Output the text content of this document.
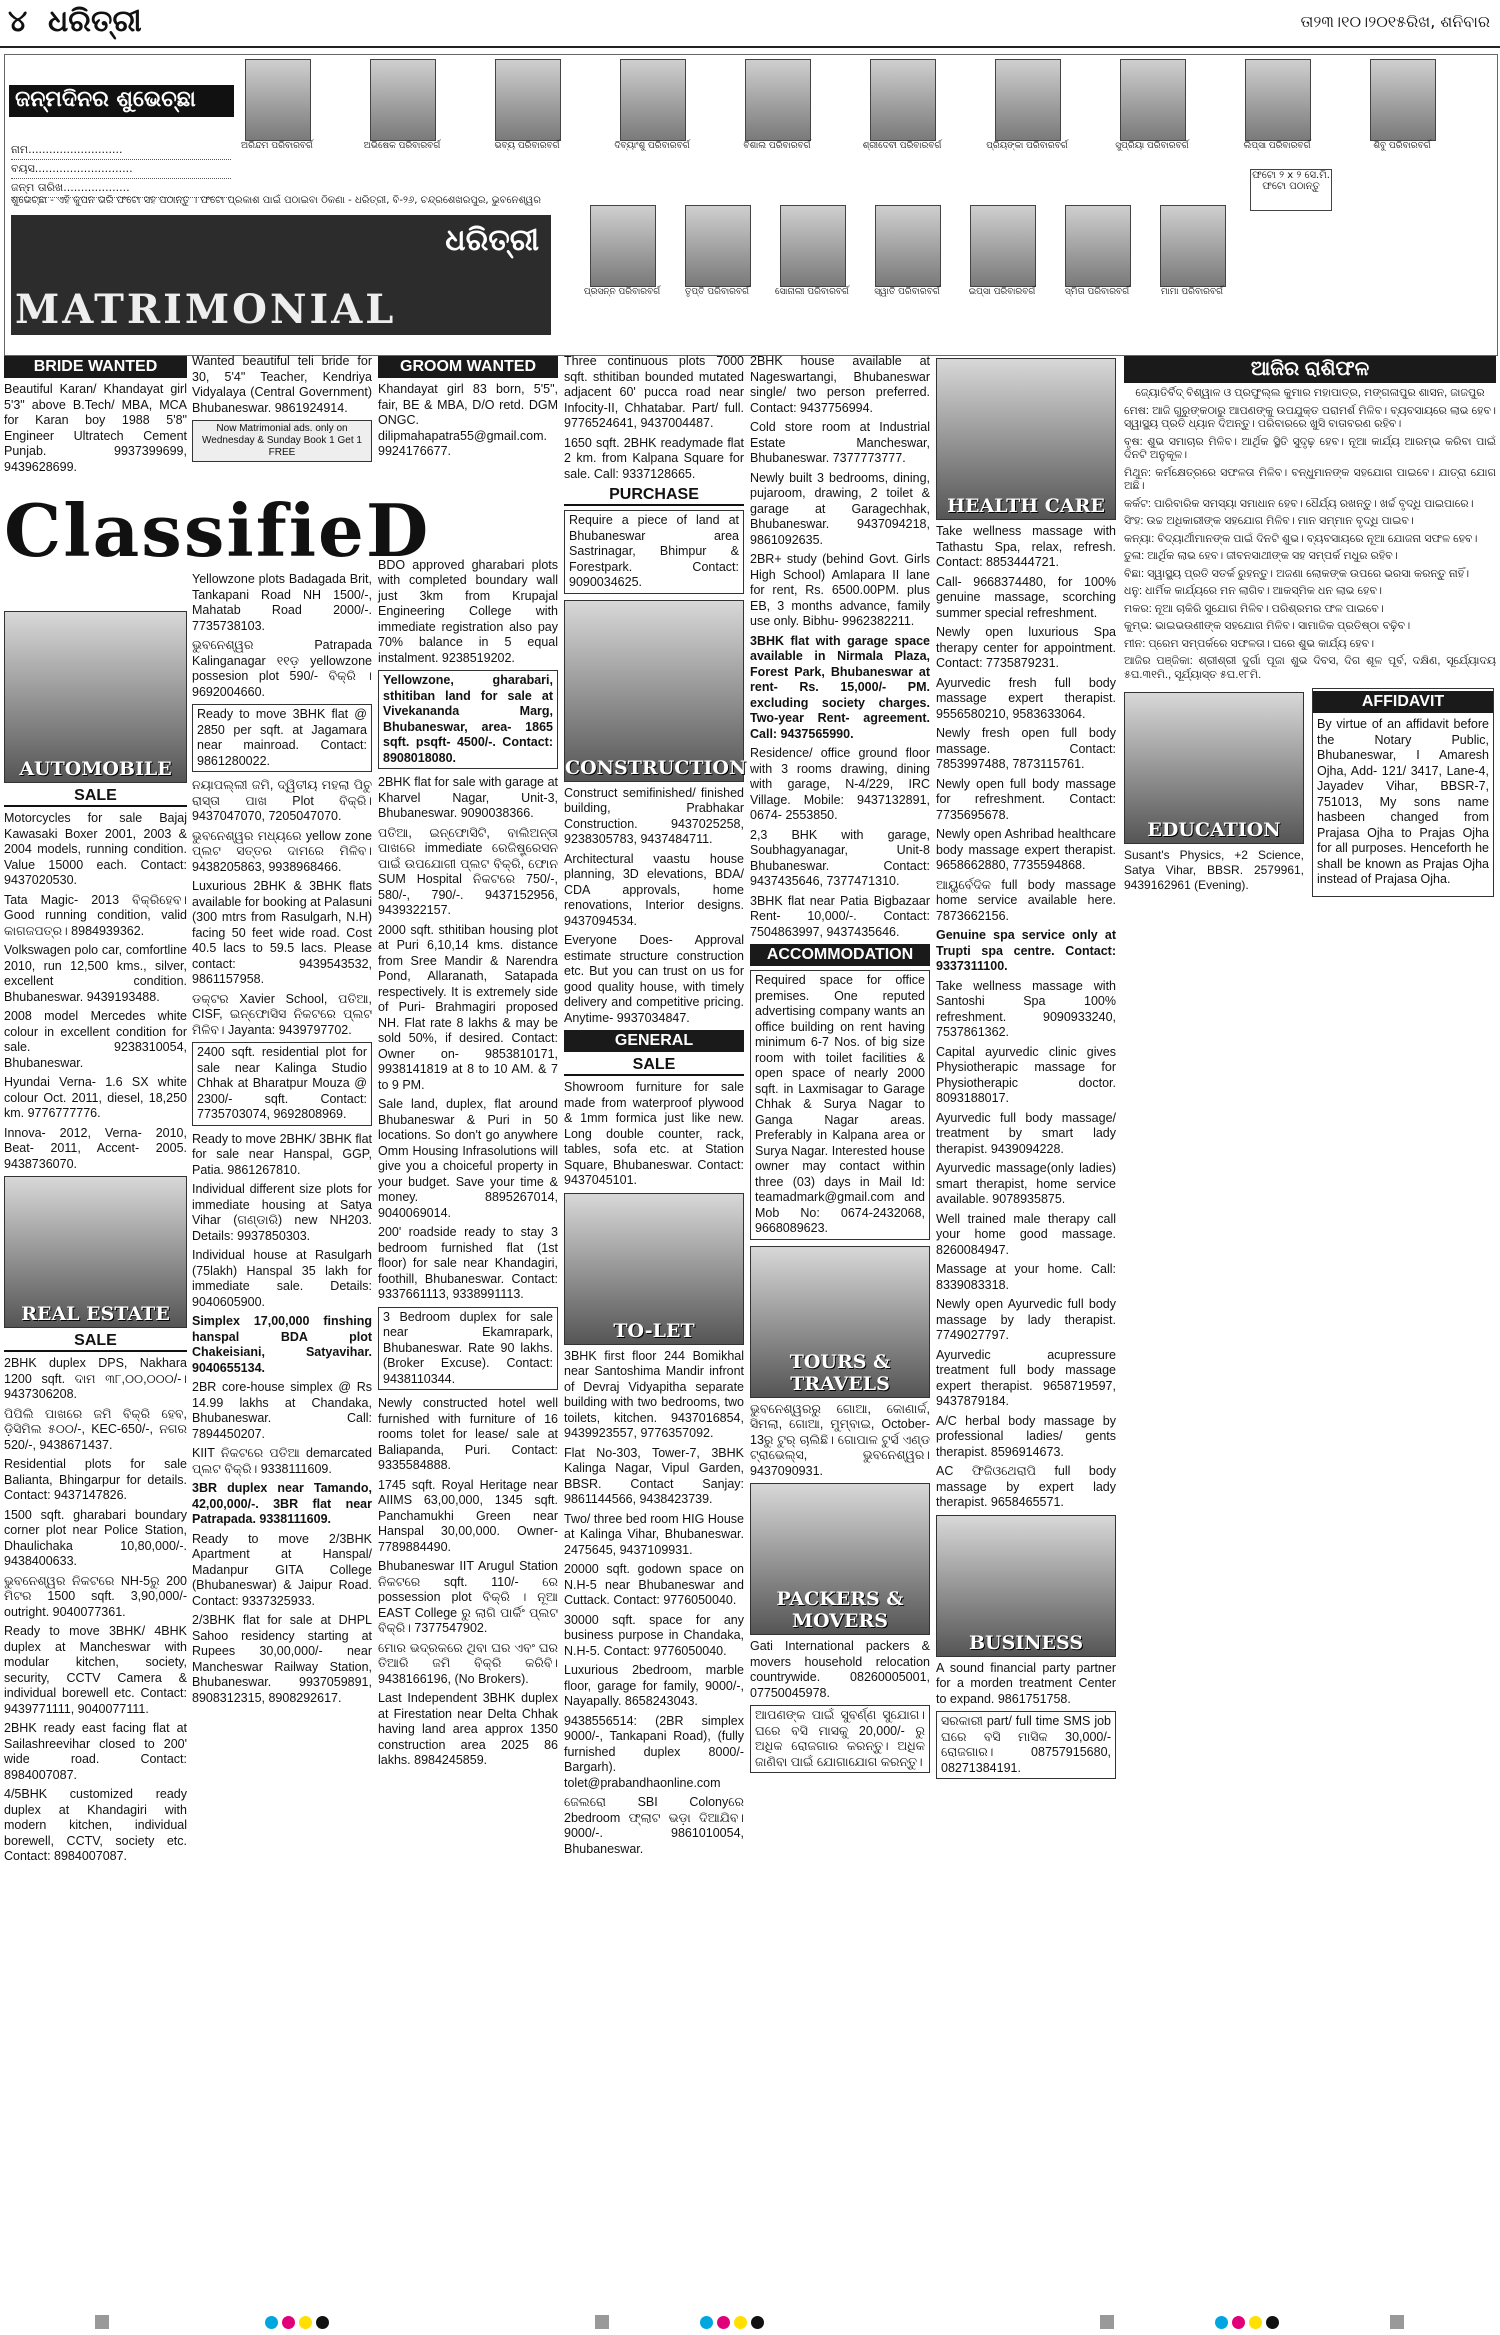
୪ ଧରିତ୍ରୀ	ତା୨୩।୧୦।୨୦୧୫ରିଖ, ଶନିବାର
ଜନ୍ମଦିନର ଶୁଭେଚ୍ଛା
ନାମ...........................
ବୟସ............................
ଜନ୍ମ ତାରିଖ...................
ଅରିନ୍ଦମ ପରିବାରବର୍ଗ	ଅଭିଷେକ ପରିବାରବର୍ଗ	ଭବ୍ୟ ପରିବାରବର୍ଗ	ଦିବ୍ୟାଂଶୁ ପରିବାରବର୍ଗ	ବିଶାଲ ପରିବାରବର୍ଗ	ଶ୍ରୀଦେବୀ ପରିବାରବର୍ଗ	ପ୍ରିୟଙ୍କା ପରିବାରବର୍ଗ	ସୁପ୍ରିୟା ପରିବାରବର୍ଗ	ଲିପ୍ସା ପରିବାରବର୍ଗ	ଶିବୁ ପରିବାରବର୍ଗ
ଶୁଭେଚ୍ଛା - ଏହି କୁପନ ଭରି ଫଟୋ ସହ ପଠାନ୍ତୁ । ଫଟୋ ପ୍ରକାଶ ପାଇଁ ପଠାଇବା ଠିକଣା - ଧରିତ୍ରୀ, ବି-୨୬, ଚନ୍ଦ୍ରଶେଖରପୁର, ଭୁବନେଶ୍ୱର
ଧରିତ୍ରୀ
MATRIMONIAL	ପ୍ରସନ୍ନ ପରିବାରବର୍ଗ	ତୃପ୍ତି ପରିବାରବର୍ଗ	ସୋନାଲୀ ପରିବାରବର୍ଗ	ସ୍ୱାତି ପରିବାରବର୍ଗ	ଇପ୍ସା ପରିବାରବର୍ଗ	ସ୍ମିତା ପରିବାରବର୍ଗ	ମାମା ପରିବାରବର୍ଗ
ଫଟୋ ୨ x ୨ ସେ.ମି. ଫଟୋ ପଠାନ୍ତୁ
BRIDE WANTED

Beautiful Karan/ Khandayat girl 5'3" above B.Tech/ MBA, MCA for Karan boy 1988 5'8" Engineer Ultratech Cement Punjab. 9937399699, 9439628699.

ClassifieD
AUTOMOBILE
SALE

Motorcycles for sale Bajaj Kawasaki Boxer 2001, 2003 & 2004 models, running condition. Value 15000 each. Contact: 9437020530.

Tata Magic- 2013 ବିକ୍ରିହେବ। Good running condition, valid କାଗଜପତ୍ର। 8984939362.

Volkswagen polo car, comfortline 2010, run 12,500 kms., silver, excellent condition. Bhubaneswar. 9439193488.

2008 model Mercedes white colour in excellent condition for sale. 9238310054, Bhubaneswar.

Hyundai Verna- 1.6 SX white colour Oct. 2011, diesel, 18,250 km. 9776777776.

Innova- 2012, Verna- 2010, Beat- 2011, Accent- 2005. 9438736070.

REAL ESTATE
SALE

2BHK duplex DPS, Nakhara 1200 sqft. ଦାମ ୩୮,୦୦,୦୦୦/-। 9437306208.

ପିପିଲି ପାଖରେ ଜମି ବିକ୍ରି ହେବ, ଡ଼ିସିମିଲ ୫୦୦/-, KEC-650/-, ନଗର 520/-, 9438671437.

Residential plots for sale Balianta, Bhingarpur for details. Contact: 9437147826.

1500 sqft. gharabari boundary corner plot near Police Station, Dhaulichaka 10,80,000/-. 9438400633.

ଭୁବନେଶ୍ୱର ନିକଟରେ NH-5ରୁ 200 ମିଟର 1500 sqft. 3,90,000/- outright. 9040077361.

Ready to move 3BHK/ 4BHK duplex at Mancheswar with modular kitchen, society, security, CCTV Camera & individual borewell etc. Contact: 9439771111, 9040077111.

2BHK ready east facing flat at Sailashreevihar closed to 200' wide road. Contact: 8984007087.

4/5BHK customized ready duplex at Khandagiri with modern kitchen, individual borewell, CCTV, society etc. Contact: 8984007087.

Wanted beautiful teli bride for 30, 5'4" Teacher, Kendriya Vidyalaya (Central Government) Bhubaneswar. 9861924914.

Now Matrimonial ads. only on Wednesday & Sunday Book 1 Get 1 FREE

Yellowzone plots Badagada Brit, Tankapani Road NH 1500/-, Mahatab Road 2000/-. 7735738103.

ଭୁବନେଶ୍ୱର Patrapada Kalinganagar ୧୧ଡ଼ yellowzone possesion plot 590/- ବିକ୍ରି । 9692004660.

Ready to move 3BHK flat @ 2850 per sqft. at Jagamara near mainroad. Contact: 9861280022.

ନୟାପଲ୍ଲୀ ଜମି, ଦ୍ୱିତୀୟ ମହଲା ପିଚୁ ରାସ୍ତା ପାଖ Plot ବିକ୍ରି। 9437047070, 7205047070.

ଭୁବନେଶ୍ୱର ମଧ୍ୟରେ yellow zone ପ୍ଲଟ ସତ୍ତର ଦାମରେ ମିଳିବ। 9438205863, 9938968466.

Luxurious 2BHK & 3BHK flats available for booking at Palasuni (300 mtrs from Rasulgarh, N.H) facing 50 feet wide road. Cost 40.5 lacs to 59.5 lacs. Please contact: 9439543532, 9861157958.

ଡକ୍ଟର Xavier School, ପତିଆ, CISF, ଇନ୍ଫୋସିସ ନିକଟରେ ପ୍ଲଟ ମିଳିବ। Jayanta: 9439797702.

2400 sqft. residential plot for sale near Kalinga Studio Chhak at Bharatpur Mouza @ 2300/- sqft. Contact: 7735703074, 9692808969.

Ready to move 2BHK/ 3BHK flat for sale near Hanspal, GGP, Patia. 9861267810.

Individual different size plots for immediate housing at Satya Vihar (ଗଣ୍ଡାରି) new NH203. Details: 9937850303.

Individual house at Rasulgarh (75lakh) Hanspal 35 lakh for immediate sale. Details: 9040605900.

Simplex 17,00,000 finshing hanspal BDA plot Chakeisiani, Satyavihar. 9040655134.

2BR core-house simplex @ Rs 14.99 lakhs at Chandaka, Bhubaneswar. Call: 7894450207.

KIIT ନିକଟରେ ପତିଆ demarcated ପ୍ଲଟ ବିକ୍ରି। 9338111609.

3BR duplex near Tamando, 42,00,000/-. 3BR flat near Patrapada. 9338111609.

Ready to move 2/3BHK Apartment at Hanspal/ Madanpur GITA College (Bhubaneswar) & Jaipur Road. Contact: 9337325933.

2/3BHK flat for sale at DHPL Sahoo residency starting at Rupees 30,00,000/- near Mancheswar Railway Station, Bhubaneswar. 9937059891, 8908312315, 8908292617.

GROOM WANTED

Khandayat girl 83 born, 5'5", fair, BE & MBA, D/O retd. DGM ONGC. dilipmahapatra55@gmail.com. 9924176677.

BDO approved gharabari plots with completed boundary wall just 3km from Krupajal Engineering College with immediate registration also pay 70% balance in 5 equal instalment. 9238519202.

Yellowzone, gharabari, sthitiban land for sale at Vivekananda Marg, Bhubaneswar, area- 1865 sqft. psqft- 4500/-. Contact: 8908018080.

2BHK flat for sale with garage at Kharvel Nagar, Unit-3, Bhubaneswar. 9090038366.

ପତିଆ, ଇନ୍ଫୋସିଟି, ବାଲିଅନ୍ତା ପାଖରେ immediate ରେଜିଷ୍ଟ୍ରେସନ ପାଇଁ ଉପଯୋଗୀ ପ୍ଲଟ ବିକ୍ରି, ଫୋନ SUM Hospital ନିକଟରେ 750/-, 580/-, 790/-. 9437152956, 9439322157.

2000 sqft. sthitiban housing plot at Puri 6,10,14 kms. distance from Sree Mandir & Narendra Pond, Allaranath, Satapada respectively. It is extremely side of Puri- Brahmagiri proposed NH. Flat rate 8 lakhs & may be sold 50%, if desired. Contact: Owner on- 9853810171, 9938141819 at 8 to 10 AM. & 7 to 9 PM.

Sale land, duplex, flat around Bhubaneswar & Puri in 50 locations. So don't go anywhere Omm Housing Infrasolutions will give you a choiceful property in your budget. Save your time & money. 8895267014, 9040069014.

200' roadside ready to stay 3 bedroom furnished flat (1st floor) for sale near Khandagiri, foothill, Bhubaneswar. Contact: 9337661113, 9338991113.

3 Bedroom duplex for sale near Ekamrapark, Bhubaneswar. Rate 90 lakhs. (Broker Excuse). Contact: 9438110344.

Newly constructed hotel well furnished with furniture of 16 rooms tolet for lease/ sale at Baliapanda, Puri. Contact: 9335584888.

1745 sqft. Royal Heritage near AIIMS 63,00,000, 1345 sqft. Panchamukhi Green near Hanspal 30,00,000. Owner- 7789884490.

Bhubaneswar IIT Arugul Station ନିକଟରେ sqft. 110/- ରେ possession plot ବିକ୍ରି । ନୂଆ EAST College ରୁ ଲାଗି ପାର୍କିଂ ପ୍ଲଟ ବିକ୍ରି। 7377547902.

ମୋର ଭଦ୍ରକରେ ଥିବା ଘର ଏବଂ ଘର ତିଆରି ଜମି ବିକ୍ରି କରିବି। 9438166196, (No Brokers).

Last Independent 3BHK duplex at Firestation near Delta Chhak having land area approx 1350 construction area 2025 86 lakhs. 8984245859.

Three continuous plots 7000 sqft. sthitiban bounded mutated adjacent 60' pucca road near Infocity-II, Chhatabar. Part/ full. 9776524641, 9437004487.

1650 sqft. 2BHK readymade flat 2 km. from Kalpana Square for sale. Call: 9337128665.

PURCHASE
Require a piece of land at Bhubaneswar area Sastrinagar, Bhimpur & Forestpark. Contact: 9090034625.
CONSTRUCTION

Construct semifinished/ finished building, Prabhakar Construction. 9437025258, 9238305783, 9437484711.

Architectural vaastu house planning, 3D elevations, BDA/ CDA approvals, home renovations, Interior designs. 9437094534.

Everyone Does- Approval estimate structure construction etc. But you can trust on us for good quality house, with timely delivery and competitive pricing. Anytime- 9937034847.

GENERAL
SALE

Showroom furniture for sale made from waterproof plywood & 1mm formica just like new. Long double counter, rack, tables, sofa etc. at Station Square, Bhubaneswar. Contact: 9437045101.

TO-LET

3BHK first floor 244 Bomikhal near Santoshima Mandir infront of Devraj Vidyapitha separate building with two bedrooms, two toilets, kitchen. 9437016854, 9439923557, 9776357092.

Flat No-303, Tower-7, 3BHK Kalinga Nagar, Vipul Garden, BBSR. Contact Sanjay: 9861144566, 9438423739.

Two/ three bed room HIG House at Kalinga Vihar, Bhubaneswar. 2475645, 9437109931.

20000 sqft. godown space on N.H-5 near Bhubaneswar and Cuttack. Contact: 9776050040.

30000 sqft. space for any business purpose in Chandaka, N.H-5. Contact: 9776050040.

Luxurious 2bedroom, marble floor, garage for family, 9000/-, Nayapally. 8658243043.

9438556514: (2BR simplex 9000/-, Tankapani Road), (fully furnished duplex 8000/- Bargarh). tolet@prabandhaonline.com

ଜେଲରୋ SBI Colonyରେ 2bedroom ଫ୍ଲାଟ ଭଡ଼ା ଦିଆଯିବ। 9000/-. 9861010054, Bhubaneswar.

2BHK house available at Nageswartangi, Bhubaneswar single/ two person preferred. Contact: 9437756994.

Cold store room at Industrial Estate Mancheswar, Bhubaneswar. 7377773777.

Newly built 3 bedrooms, dining, pujaroom, drawing, 2 toilet & garage at Garagechhak, Bhubaneswar. 9437094218, 9861092635.

2BR+ study (behind Govt. Girls High School) Amlapara II lane for rent, Rs. 6500.00PM. plus EB, 3 months advance, family use only. Bibhu- 9962382211.

3BHK flat with garage space available in Nirmala Plaza, Forest Park, Bhubaneswar at rent- Rs. 15,000/- PM. excluding society charges. Two-year Rent- agreement. Call: 9437565990.

Residence/ office ground floor with 3 rooms drawing, dining with garage, N-4/229, IRC Village. Mobile: 9437132891, 0674- 2553850.

2,3 BHK with garage, Soubhagyanagar, Unit-8 Bhubaneswar. Contact: 9437435646, 7377471310.

3BHK flat near Patia Bigbazaar Rent- 10,000/-. Contact: 7504863997, 9437435646.

ACCOMMODATION
Required space for office premises. One reputed advertising company wants an office building on rent having minimum 6-7 Nos. of big size room with toilet facilities & open space of nearly 2000 sqft. in Laxmisagar to Garage Chhak & Surya Nagar to Ganga Nagar areas. Preferably in Kalpana area or Surya Nagar. Interested house owner may contact within three (03) days in Mail Id: teamadmark@gmail.com and Mob No: 0674-2432068, 9668089623.
TOURS & TRAVELS

ଭୁବନେଶ୍ୱରରୁ ଗୋଆ, କୋଣାର୍କ, ସିମଲା, ଗୋଆ, ମୁମ୍ବାଇ, October-13ରୁ ଟୁର୍ ଚାଲିଛି। ଗୋପାଳ ଟୁର୍ସ ଏଣ୍ଡ ଟ୍ରାଭେଲ୍ସ, ଭୁବନେଶ୍ୱର। 9437090931.

PACKERS & MOVERS

Gati International packers & movers household relocation countrywide. 08260005001, 07750045978.

ଆପଣଙ୍କ ପାଇଁ ସୁବର୍ଣ୍ଣ ସୁଯୋଗ। ଘରେ ବସି ମାସକୁ 20,000/- ରୁ ଅଧିକ ରୋଜଗାର କରନ୍ତୁ। ଅଧିକ ଜାଣିବା ପାଇଁ ଯୋଗାଯୋଗ କରନ୍ତୁ।
HEALTH CARE

Take wellness massage with Tathastu Spa, relax, refresh. Contact: 8853444721.

Call- 9668374480, for 100% genuine massage, scorching summer special refreshment.

Newly open luxurious Spa therapy center for appointment. Contact: 7735879231.

Ayurvedic fresh full body massage expert therapist. 9556580210, 9583633064.

Newly fresh open full body massage. Contact: 7853997488, 7873115761.

Newly open full body massage for refreshment. Contact: 7735695678.

Newly open Ashribad healthcare body massage expert therapist. 9658662880, 7735594868.

ଆୟୁର୍ବେଦିକ full body massage home service available here. 7873662156.

Genuine spa service only at Trupti spa centre. Contact: 9337311100.

Take wellness massage with Santoshi Spa 100% refreshment. 9090933240, 7537861362.

Capital ayurvedic clinic gives Physiotherapic massage for Physiotherapic doctor. 8093188017.

Ayurvedic full body massage/ treatment by smart lady therapist. 9439094228.

Ayurvedic massage(only ladies) smart therapist, home service available. 9078935875.

Well trained male therapy call your home good massage. 8260084947.

Massage at your home. Call: 8339083318.

Newly open Ayurvedic full body massage by lady therapist. 7749027797.

Ayurvedic acupressure treatment full body massage expert therapist. 9658719597, 9437879184.

A/C herbal body massage by professional ladies/ gents therapist. 8596914673.

AC ଫିଜିଓଥେରାପି full body massage by expert lady therapist. 9658465571.

BUSINESS

A sound financial party partner for a morden treatment Center to expand. 9861751758.

ସରକାରୀ part/ full time SMS job ଘରେ ବସି ମାସିକ 30,000/- ରୋଜଗାର। 08757915680, 08271384191.
ଆଜିର ରାଶିଫଳ

ଜ୍ୟୋତିର୍ବିଦ୍ ବିଶ୍ୱାଳ ଓ ପ୍ରଫୁଲ୍ଲ କୁମାର ମହାପାତ୍ର, ମଙ୍ଗଳାପୁର ଶାସନ, ଜାଜପୁର

ମେଷ: ଆଜି ଗୁରୁଙ୍କଠାରୁ ଆପଣଙ୍କୁ ଉପଯୁକ୍ତ ପରାମର୍ଶ ମିଳିବ। ବ୍ୟବସାୟରେ ଲାଭ ହେବ। ସ୍ୱାସ୍ଥ୍ୟ ପ୍ରତି ଧ୍ୟାନ ଦିଅନ୍ତୁ। ପରିବାରରେ ଖୁସି ବାତାବରଣ ରହିବ।

ବୃଷ: ଶୁଭ ସମାଚାର ମିଳିବ। ଆର୍ଥିକ ସ୍ଥିତି ସୁଦୃଢ଼ ହେବ। ନୂଆ କାର୍ଯ୍ୟ ଆରମ୍ଭ କରିବା ପାଇଁ ଦିନଟି ଅନୁକୂଳ।

ମିଥୁନ: କର୍ମକ୍ଷେତ୍ରରେ ସଫଳତା ମିଳିବ। ବନ୍ଧୁମାନଙ୍କ ସହଯୋଗ ପାଇବେ। ଯାତ୍ରା ଯୋଗ ଅଛି।

କର୍କଟ: ପାରିବାରିକ ସମସ୍ୟା ସମାଧାନ ହେବ। ଧୈର୍ଯ୍ୟ ରଖନ୍ତୁ। ଖର୍ଚ୍ଚ ବୃଦ୍ଧି ପାଇପାରେ।

ସିଂହ: ଉଚ୍ଚ ଅଧିକାରୀଙ୍କ ସହଯୋଗ ମିଳିବ। ମାନ ସମ୍ମାନ ବୃଦ୍ଧି ପାଇବ।

କନ୍ୟା: ବିଦ୍ୟାର୍ଥୀମାନଙ୍କ ପାଇଁ ଦିନଟି ଶୁଭ। ବ୍ୟବସାୟରେ ନୂଆ ଯୋଜନା ସଫଳ ହେବ।

ତୁଳା: ଆର୍ଥିକ ଲାଭ ହେବ। ଜୀବନସାଥୀଙ୍କ ସହ ସମ୍ପର୍କ ମଧୁର ରହିବ।

ବିଛା: ସ୍ୱାସ୍ଥ୍ୟ ପ୍ରତି ସତର୍କ ରୁହନ୍ତୁ। ଅଜଣା ଲୋକଙ୍କ ଉପରେ ଭରସା କରନ୍ତୁ ନାହିଁ।

ଧନୁ: ଧାର୍ମିକ କାର୍ଯ୍ୟରେ ମନ ଲାଗିବ। ଆକସ୍ମିକ ଧନ ଲାଭ ହେବ।

ମକର: ନୂଆ ଚାକିରି ସୁଯୋଗ ମିଳିବ। ପରିଶ୍ରମର ଫଳ ପାଇବେ।

କୁମ୍ଭ: ଭାଇଭଉଣୀଙ୍କ ସହଯୋଗ ମିଳିବ। ସାମାଜିକ ପ୍ରତିଷ୍ଠା ବଢ଼ିବ।

ମୀନ: ପ୍ରେମ ସମ୍ପର୍କରେ ସଫଳତା। ଘରେ ଶୁଭ କାର୍ଯ୍ୟ ହେବ।

ଆଜିର ପଞ୍ଜିକା: ଶ୍ରୀଶ୍ରୀ ଦୁର୍ଗା ପୂଜା ଶୁଭ ଦିବସ, ଦିଗ ଶୂଳ ପୂର୍ବ, ଦକ୍ଷିଣ, ସୂର୍ଯ୍ୟୋଦୟ ୫ଘ.୩୧ମି., ସୂର୍ଯ୍ୟାସ୍ତ ୫ଘ.୧୮ମି.

EDUCATION

Susant's Physics, +2 Science, Satya Vihar, BBSR. 2579961, 9439162961 (Evening).

AFFIDAVIT

By virtue of an affidavit before the Notary Public, Bhubaneswar, I Amaresh Ojha, Add- 121/ 3417, Lane-4, Jayadev Vihar, BBSR-7, 751013, My sons name hasbeen changed from Prajasa Ojha to Prajas Ojha for all purposes. Henceforth he shall be known as Prajas Ojha instead of Prajasa Ojha.
